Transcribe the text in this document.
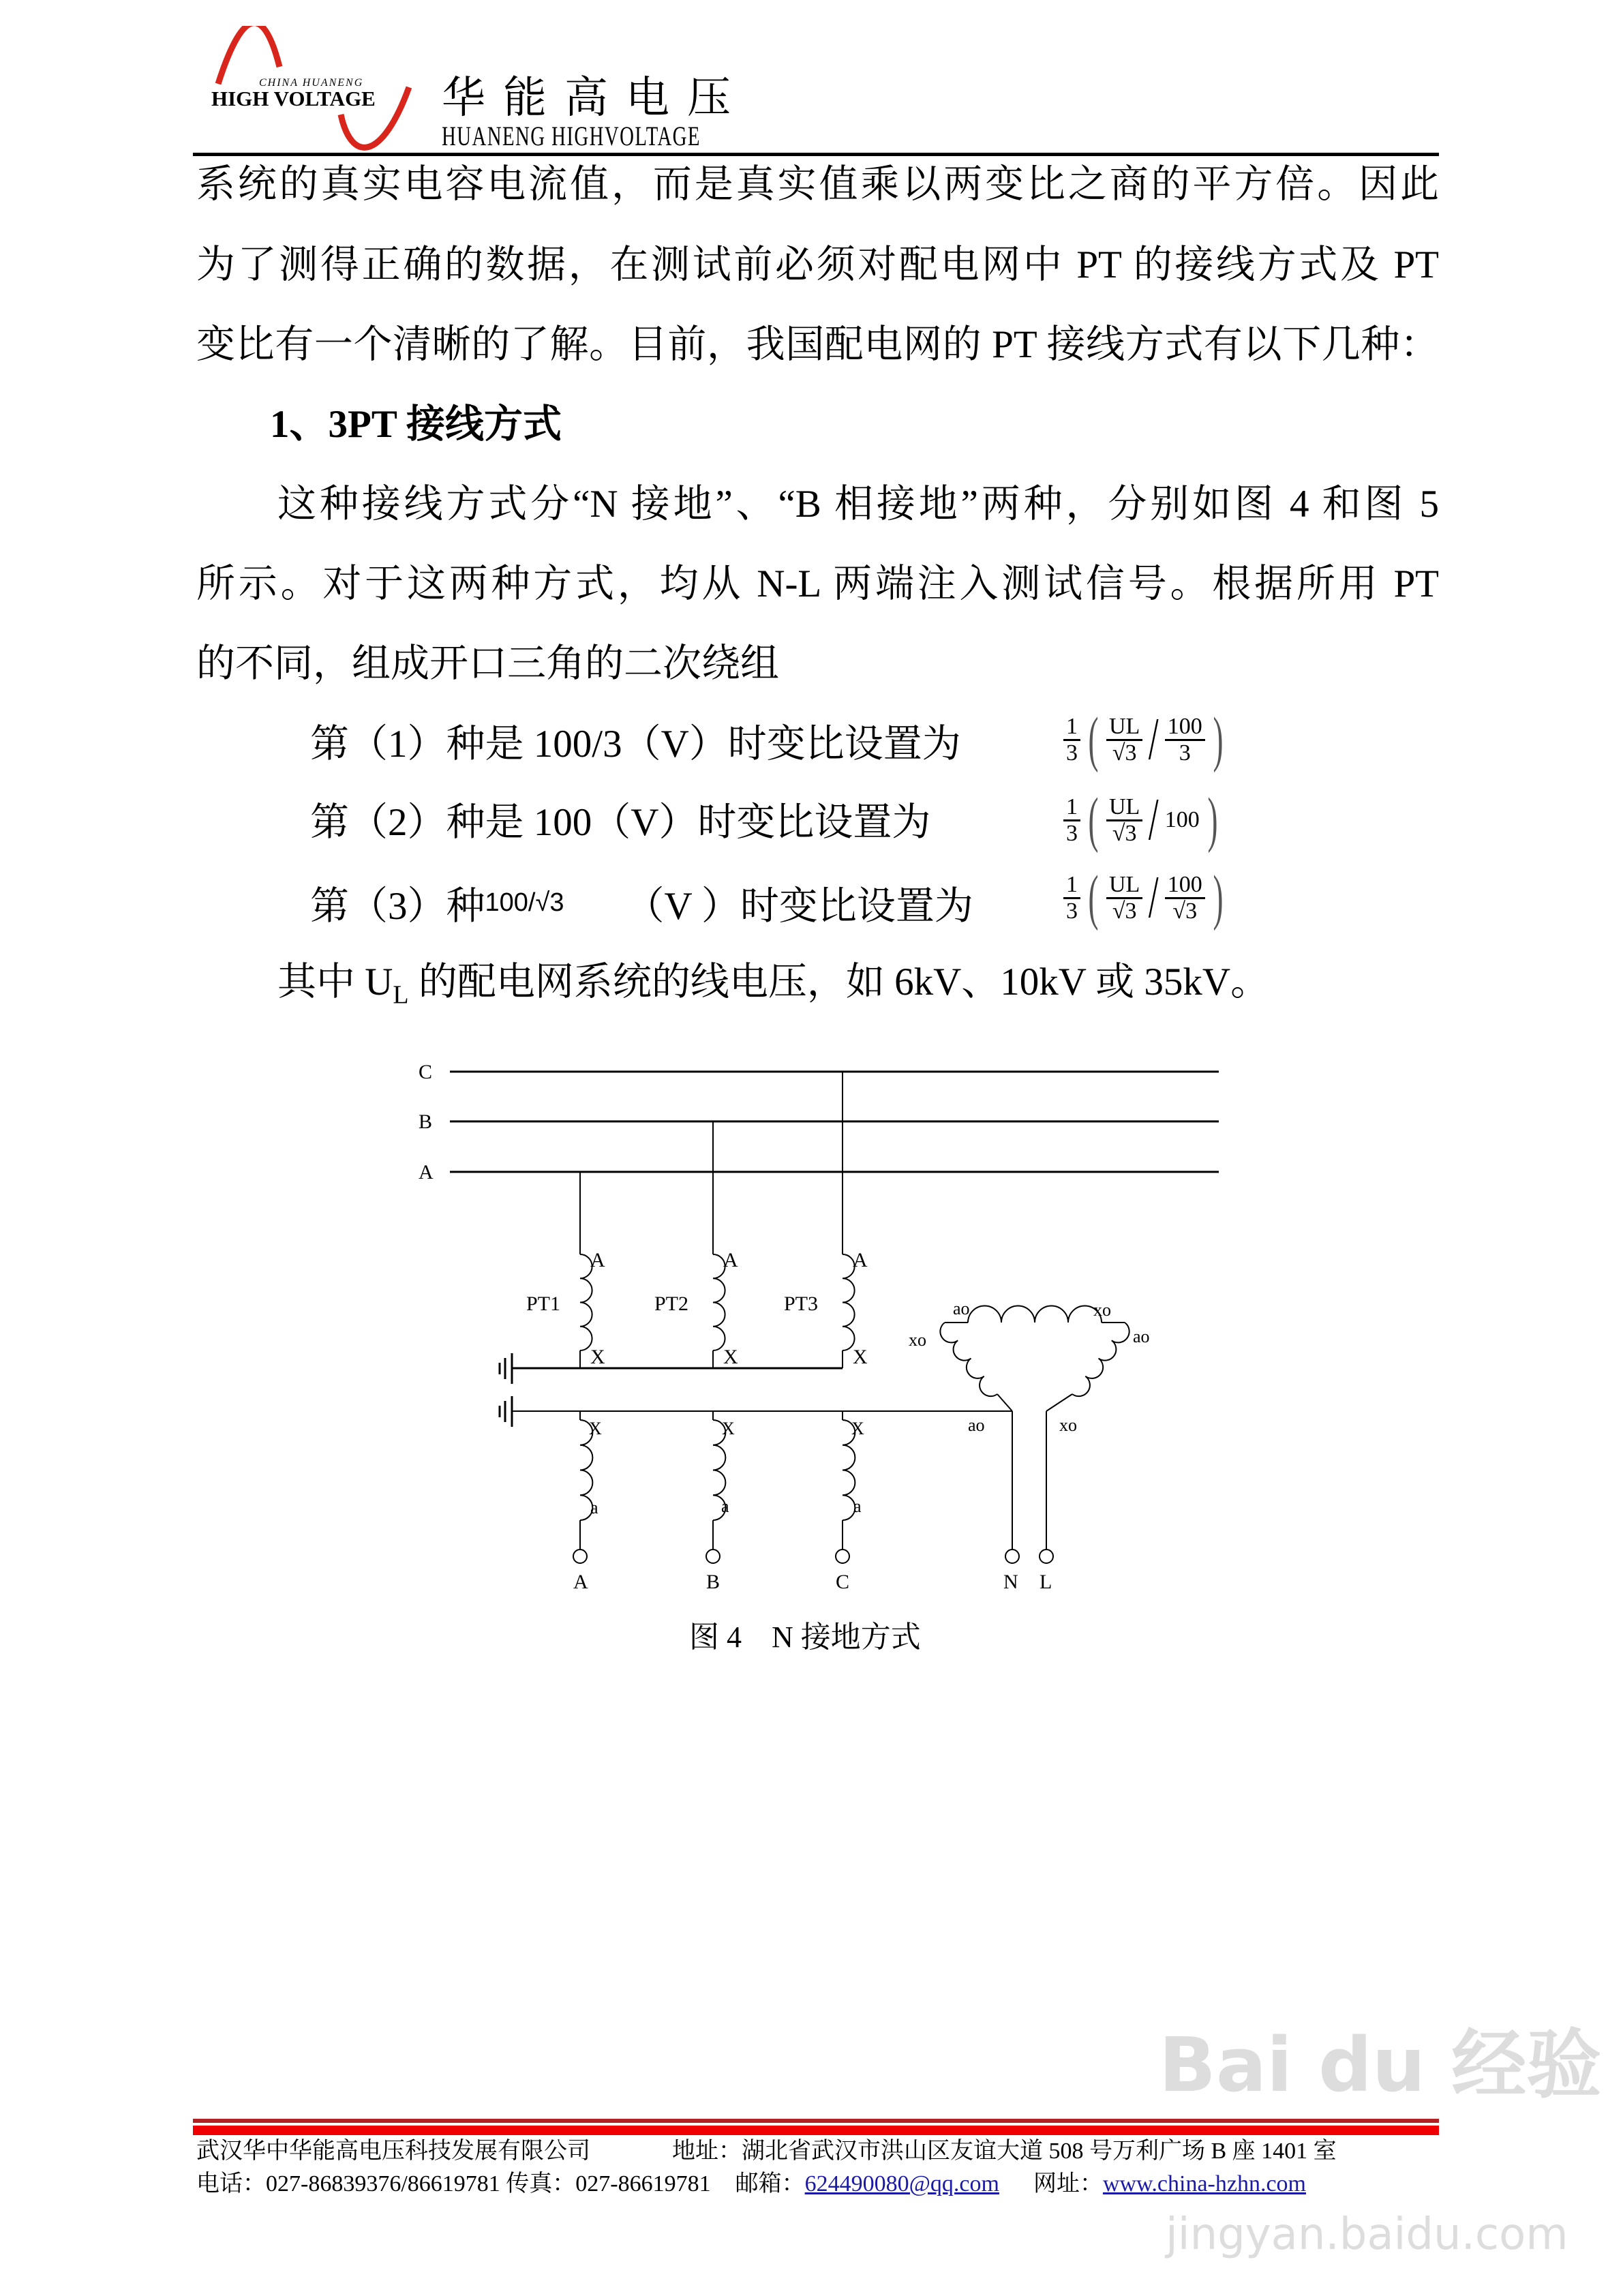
CHINA HUANENG
HIGH VOLTAGE 华能高电压
HUANENG HIGHVOLTAGE
系统的真实电容电流值，而是真实值乘以两变比之商的平方倍。因此
为了测得正确的数据，在测试前必须对配电网中 PT 的接线方式及 PT
变比有一个清晰的了解。目前，我国配电网的 PT 接线方式有以下几种：
1、3PT 接线方式
这种接线方式分“N 接地”、“B 相接地”两种，分别如图 4 和图 5
所示。对于这两种方式，均从 N-L 两端注入测试信号。根据所用 PT
的不同，组成开口三角的二次绕组
第（1）种是 100/3（V）时变比设置为	$\frac{1}{3}$ ( $\frac{UL}{√3} / \frac{100}{3}$ )
第（2）种是 100（V）时变比设置为	$\frac{1}{3}$ ( $\frac{UL}{√3} / 100$ )
第（3）种$^{100/√3}$ （V ）时变比设置为	$\frac{1}{3}$ ( $\frac{UL}{√3} / \frac{100}{√3}$ )
其中 $U_L$ 的配电网系统的线电压，如 6kV、10kV 或 35kV。
C
B
A
A	A	A
PT1	PT2	PT3
X	X	X
X	X	X
a	a	a
A	B	C	N L
ao	xo
xo	ao
ao	xo
图 4　N 接地方式
武汉华中华能高电压科技发展有限公司	地址：湖北省武汉市洪山区友谊大道 508 号万利广场 B 座 1401 室
电话：027-86839376/86619781 传真：027-86619781 邮箱： 624490080@qq.com 网址： www.china-hzhn.com
Bai du 经验
jingyan.baidu.com
